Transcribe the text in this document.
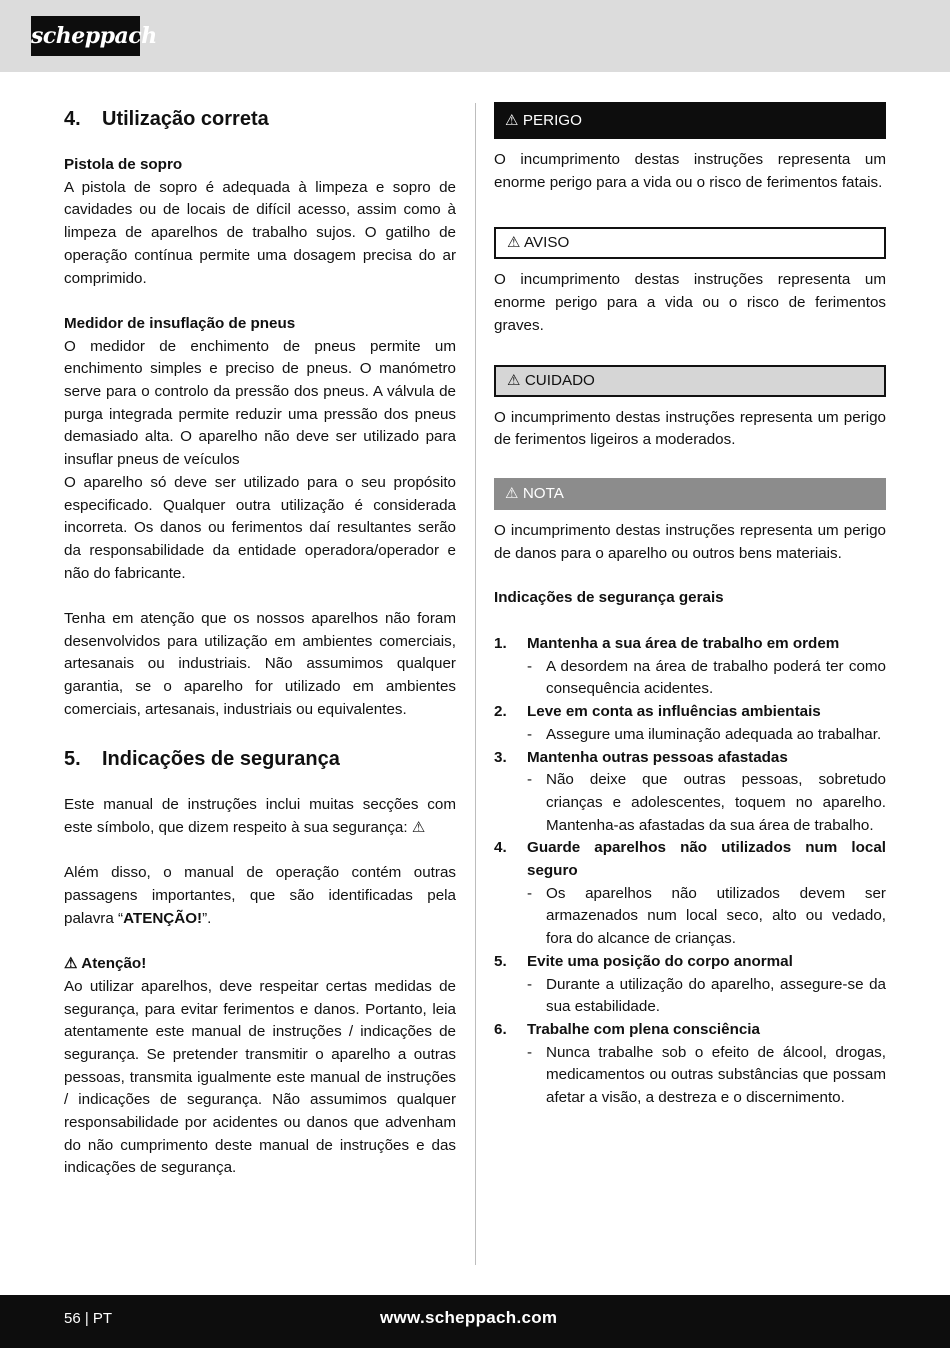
scheppach
4. Utilização correta

Pistola de sopro

A pistola de sopro é adequada à limpeza e sopro de cavidades ou de locais de difícil acesso, assim como à limpeza de aparelhos de trabalho sujos. O gatilho de operação contínua permite uma dosagem precisa do ar comprimido.

Medidor de insuflação de pneus

O medidor de enchimento de pneus permite um enchimento simples e preciso de pneus. O manómetro serve para o controlo da pressão dos pneus. A válvula de purga integrada permite reduzir uma pressão dos pneus demasiado alta. O aparelho não deve ser utilizado para insuflar pneus de veículos

O aparelho só deve ser utilizado para o seu propósito especificado. Qualquer outra utilização é considerada incorreta. Os danos ou ferimentos daí resultantes serão da responsabilidade da entidade operadora/operador e não do fabricante.

Tenha em atenção que os nossos aparelhos não foram desenvolvidos para utilização em ambientes comerciais, artesanais ou industriais. Não assumimos qualquer garantia, se o aparelho for utilizado em ambientes comerciais, artesanais, industriais ou equivalentes.

5. Indicações de segurança

Este manual de instruções inclui muitas secções com este símbolo, que dizem respeito à sua segurança: ⚠

Além disso, o manual de operação contém outras passagens importantes, que são identificadas pela palavra “ATENÇÃO!”.

⚠ Atenção!

Ao utilizar aparelhos, deve respeitar certas medidas de segurança, para evitar ferimentos e danos. Portanto, leia atentamente este manual de instruções / indicações de segurança. Se pretender transmitir o aparelho a outras pessoas, transmita igualmente este manual de instruções / indicações de segurança. Não assumimos qualquer responsabilidade por acidentes ou danos que advenham do não cumprimento deste manual de instruções e das indicações de segurança.

⚠ PERIGO

O incumprimento destas instruções representa um enorme perigo para a vida ou o risco de ferimentos fatais.

⚠ AVISO

O incumprimento destas instruções representa um enorme perigo para a vida ou o risco de ferimentos graves.

⚠ CUIDADO

O incumprimento destas instruções representa um perigo de ferimentos ligeiros a moderados.

⚠ NOTA

O incumprimento destas instruções representa um perigo de danos para o aparelho ou outros bens materiais.

Indicações de segurança gerais

1.	Mantenha a sua área de trabalho em ordem
- A desordem na área de trabalho poderá ter como consequência acidentes.
2.	Leve em conta as influências ambientais
- Assegure uma iluminação adequada ao trabalhar.
3.	Mantenha outras pessoas afastadas
- Não deixe que outras pessoas, sobretudo crianças e adolescentes, toquem no aparelho. Mantenha-as afastadas da sua área de trabalho.
4.	Guarde aparelhos não utilizados num local seguro
- Os aparelhos não utilizados devem ser armazenados num local seco, alto ou vedado, fora do alcance de crianças.
5.	Evite uma posição do corpo anormal
- Durante a utilização do aparelho, assegure-se da sua estabilidade.
6.	Trabalhe com plena consciência
- Nunca trabalhe sob o efeito de álcool, drogas, medicamentos ou outras substâncias que possam afetar a visão, a destreza e o discernimento.
56 | PT	www.scheppach.com
